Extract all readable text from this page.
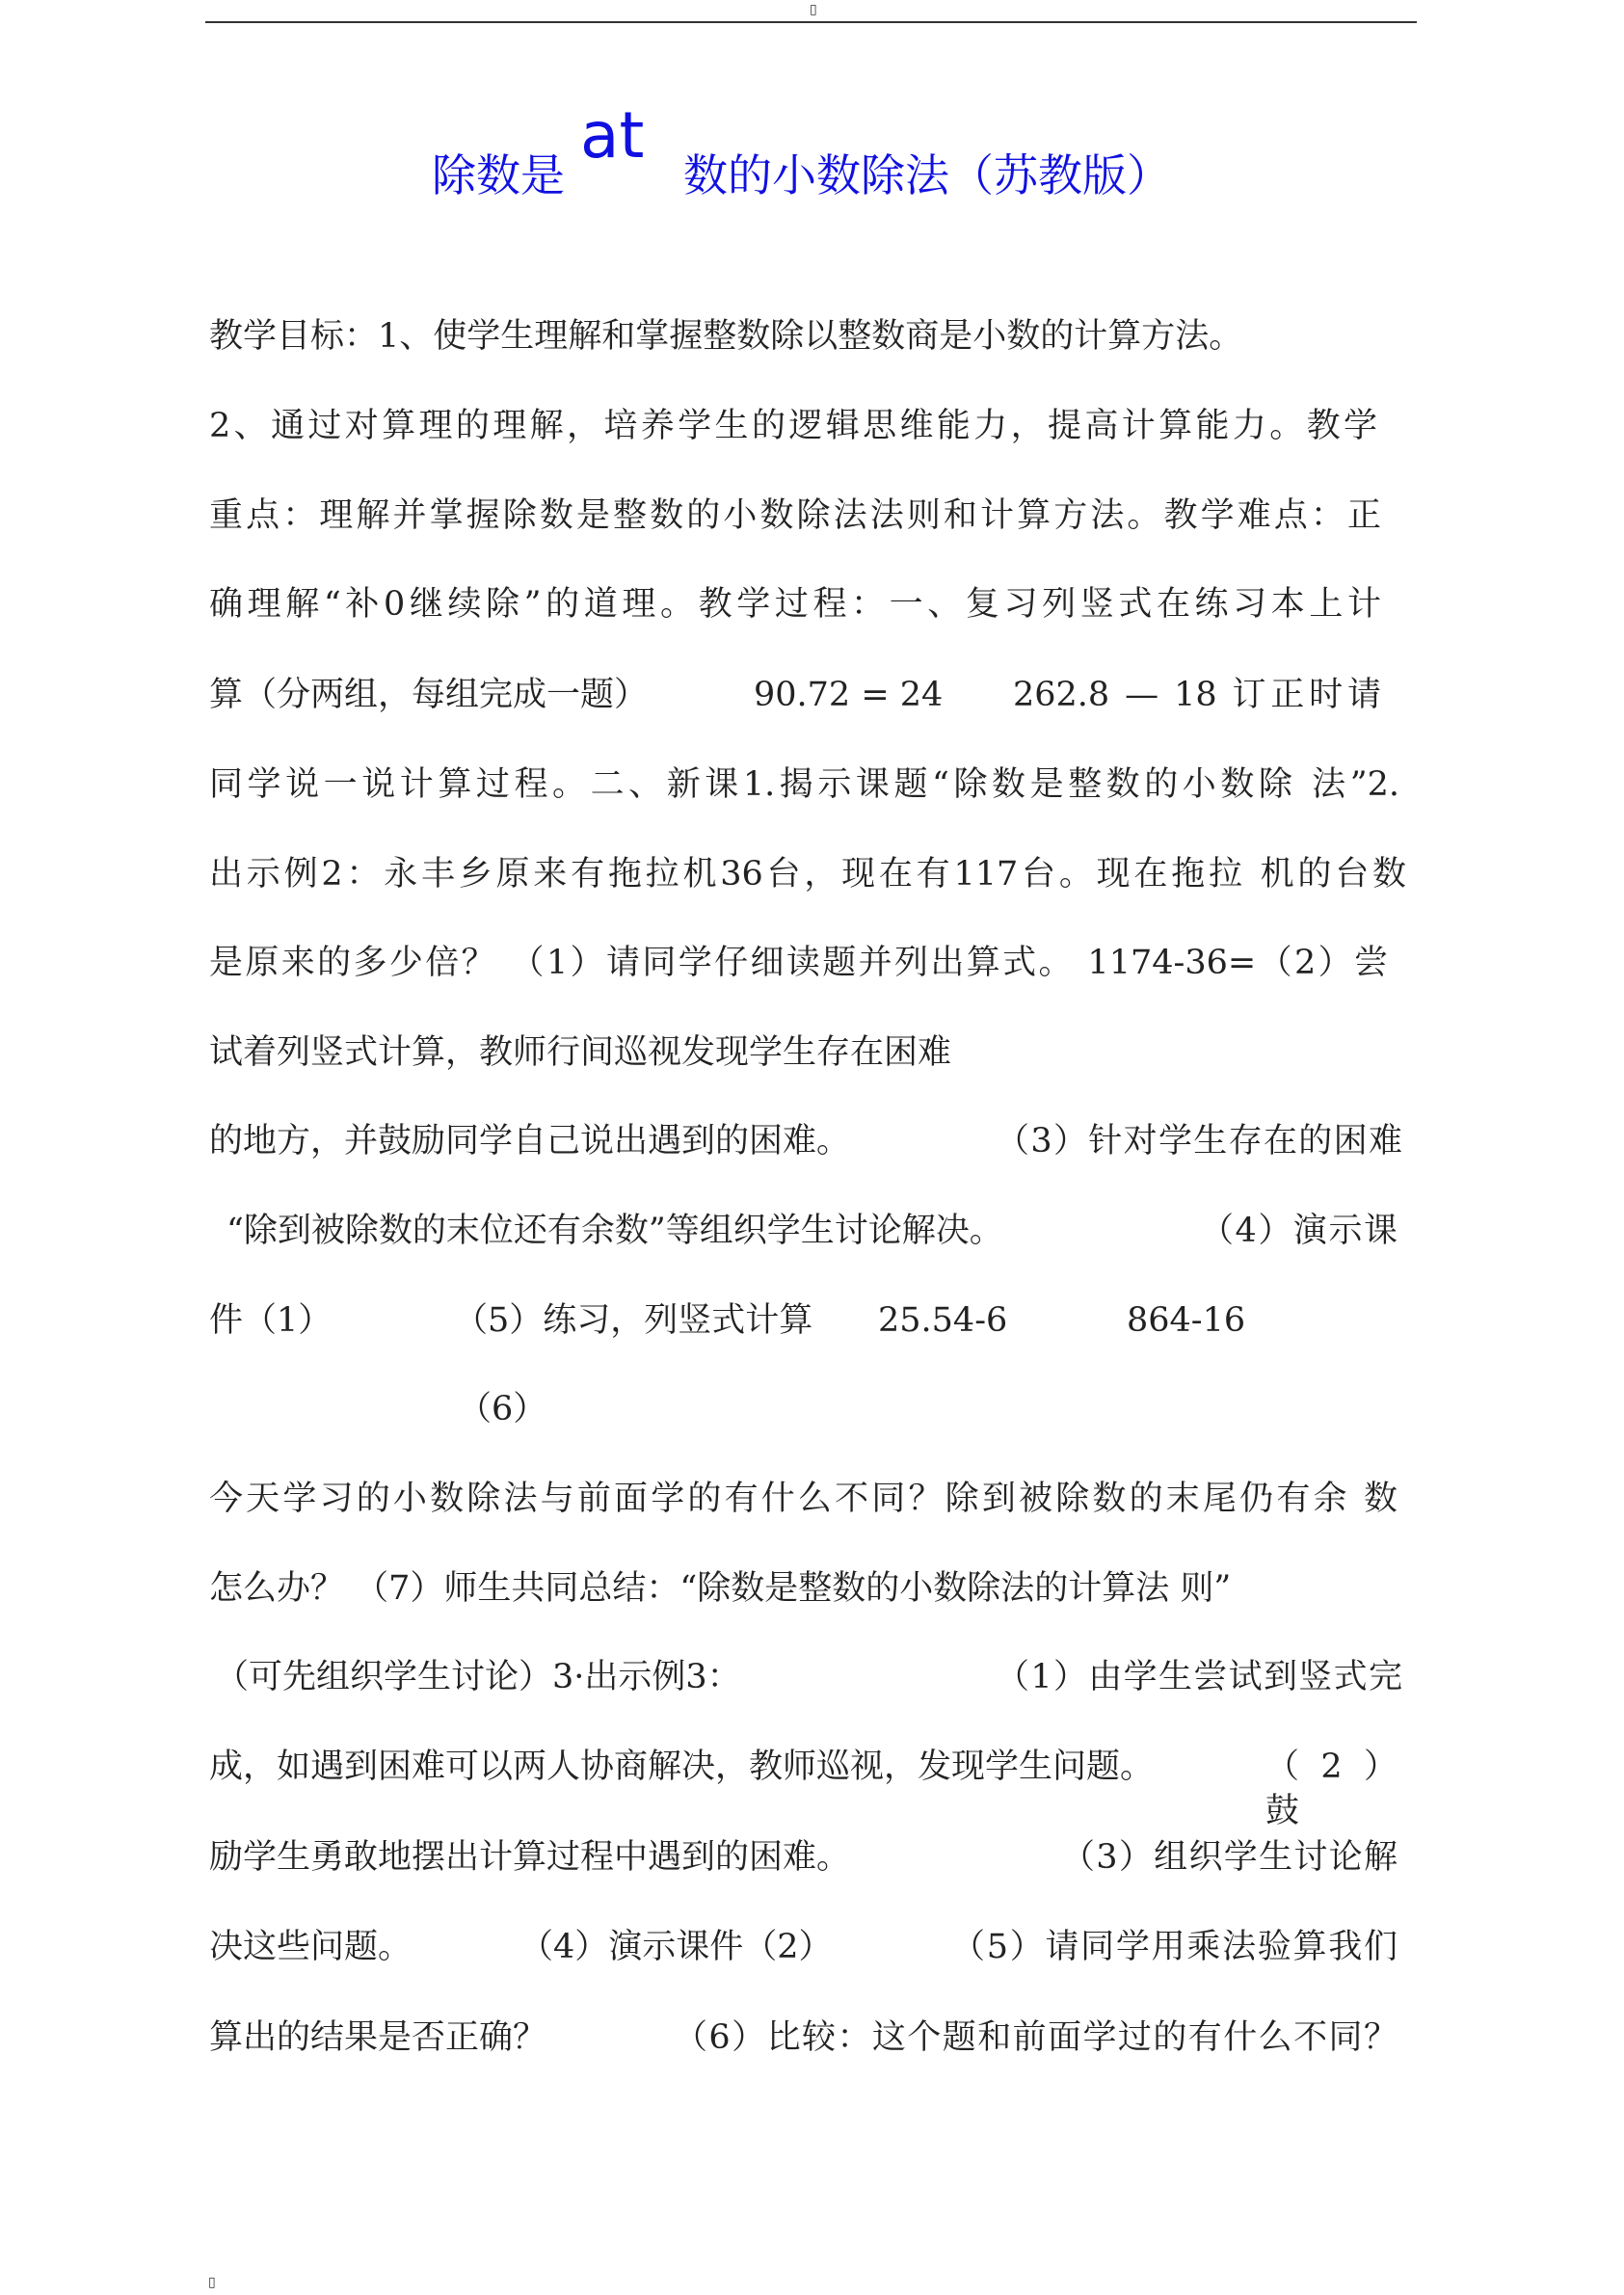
▯
除数是
at
数的小数除法（苏教版）
教学目标：1、使学生理解和掌握整数除以整数商是小数的计算方法。
2、通过对算理的理解，培养学生的逻辑思维能力，提高计算能力。教学
重点：理解并掌握除数是整数的小数除法法则和计算方法。教学难点：正
确理解“补0继续除”的道理。教学过程：一、复习列竖式在练习本上计
算（分两组，每组完成一题）	90.72 = 24 262.8 — 18 订正时请
同学说一说计算过程。二、新课1.揭示课题“除数是整数的小数除 法”2.
出示例2：永丰乡原来有拖拉机36台，现在有117台。现在拖拉 机的台数
是原来的多少倍？ （1）请同学仔细读题并列出算式。 1174-36=（2）尝
试着列竖式计算，教师行间巡视发现学生存在困难
的地方，并鼓励同学自己说出遇到的困难。	（3）针对学生存在的困难
“除到被除数的末位还有余数”等组织学生讨论解决。	（4）演示课
件（1）	（5）练习，列竖式计算 25.54-6	864-16
（6）
今天学习的小数除法与前面学的有什么不同？除到被除数的末尾仍有余 数
怎么办？ （7）师生共同总结：“除数是整数的小数除法的计算法 则”
（可先组织学生讨论）3·出示例3：	（1）由学生尝试到竖式完
成，如遇到困难可以两人协商解决，教师巡视，发现学生问题。	（2） 鼓
励学生勇敢地摆出计算过程中遇到的困难。	（3）组织学生讨论解
决这些问题。	（4）演示课件（2）	（5）请同学用乘法验算我们
算出的结果是否正确？	（6）比较：这个题和前面学过的有什么不同？
▯
